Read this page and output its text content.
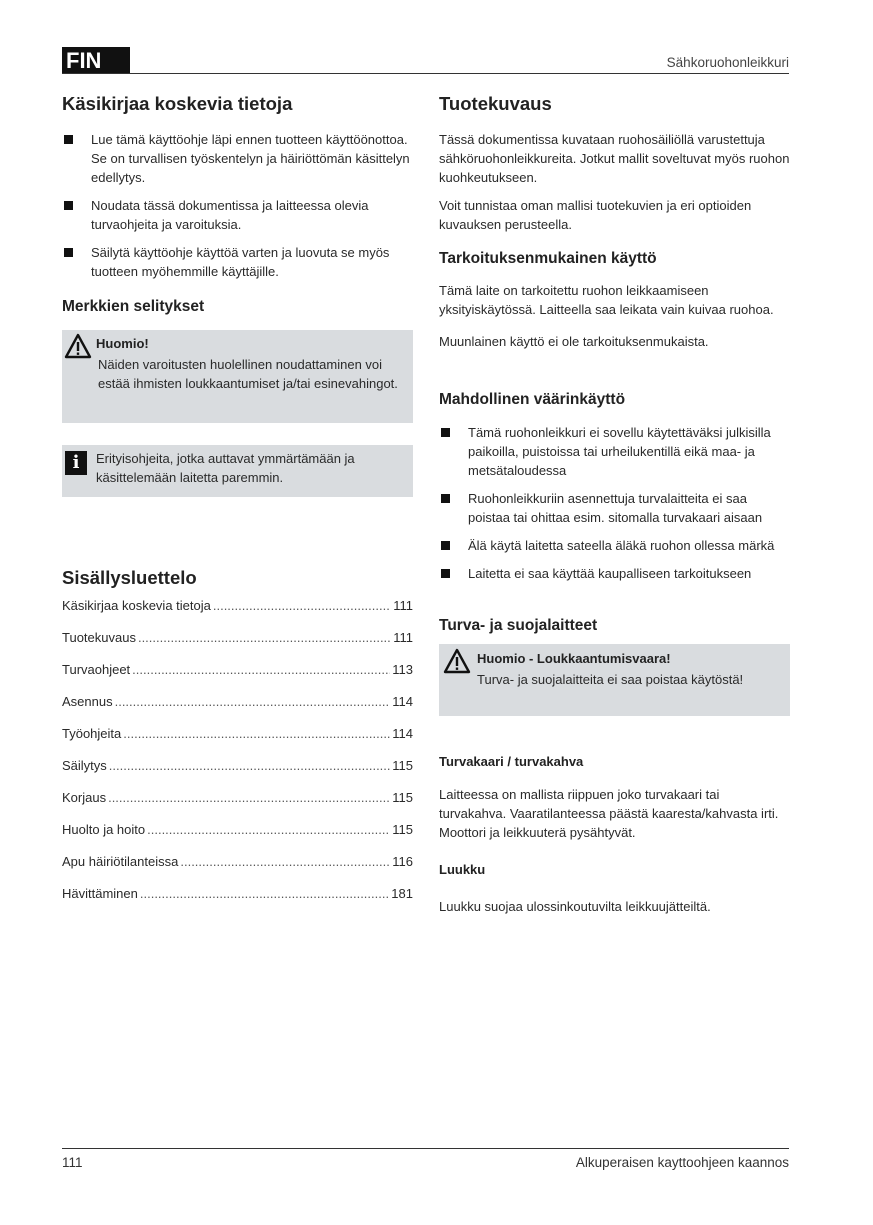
FIN	Sähkoruohonleikkuri
Käsikirjaa koskevia tietoja
Lue tämä käyttöohje läpi ennen tuotteen käyttöönottoa. Se on turvallisen työskentelyn ja häiriöttömän käsittelyn edellytys.
Noudata tässä dokumentissa ja laitteessa olevia turvaohjeita ja varoituksia.
Säilytä käyttöohje käyttöä varten ja luovuta se myös tuotteen myöhemmille käyttäjille.
Merkkien selitykset
Huomio!

Näiden varoitusten huolellinen noudattaminen voi estää ihmisten loukkaantumiset ja/tai esinevahingot.

i	Erityisohjeita, jotka auttavat ymmärtämään ja käsittelemään laitetta paremmin.

Sisällysluettelo
Käsikirjaa koskevia tietoja .....	111
Tuotekuvaus .....	111
Turvaohjeet .....	113
Asennus .....	114
Työohjeita .....	114
Säilytys .....	115
Korjaus .....	115
Huolto ja hoito .....	115
Apu häiriötilanteissa .....	116
Hävittäminen .....	181
Tuotekuvaus

Tässä dokumentissa kuvataan ruohosäiliöllä varustettuja sähköruohonleikkureita. Jotkut mallit soveltuvat myös ruohon kuohkeutukseen.

Voit tunnistaa oman mallisi tuotekuvien ja eri optioiden kuvauksen perusteella.

Tarkoituksenmukainen käyttö

Tämä laite on tarkoitettu ruohon leikkaamiseen yksityiskäytössä. Laitteella saa leikata vain kuivaa ruohoa.

Muunlainen käyttö ei ole tarkoituksenmukaista.

Mahdollinen väärinkäyttö
Tämä ruohonleikkuri ei sovellu käytettäväksi julkisilla paikoilla, puistoissa tai urheilukentillä eikä maa- ja metsätaloudessa
Ruohonleikkuriin asennettuja turvalaitteita ei saa poistaa tai ohittaa esim. sitomalla turvakaari aisaan
Älä käytä laitetta sateella äläkä ruohon ollessa märkä
Laitetta ei saa käyttää kaupalliseen tarkoitukseen
Turva- ja suojalaitteet
Huomio - Loukkaantumisvaara!

Turva- ja suojalaitteita ei saa poistaa käytöstä!

Turvakaari / turvakahva

Laitteessa on mallista riippuen joko turvakaari tai turvakahva. Vaaratilanteessa päästä kaaresta/kahvasta irti. Moottori ja leikkuuterä pysähtyvät.

Luukku

Luukku suojaa ulossinkoutuvilta leikkuujätteiltä.

111	Alkuperaisen kayttoohjeen kaannos
